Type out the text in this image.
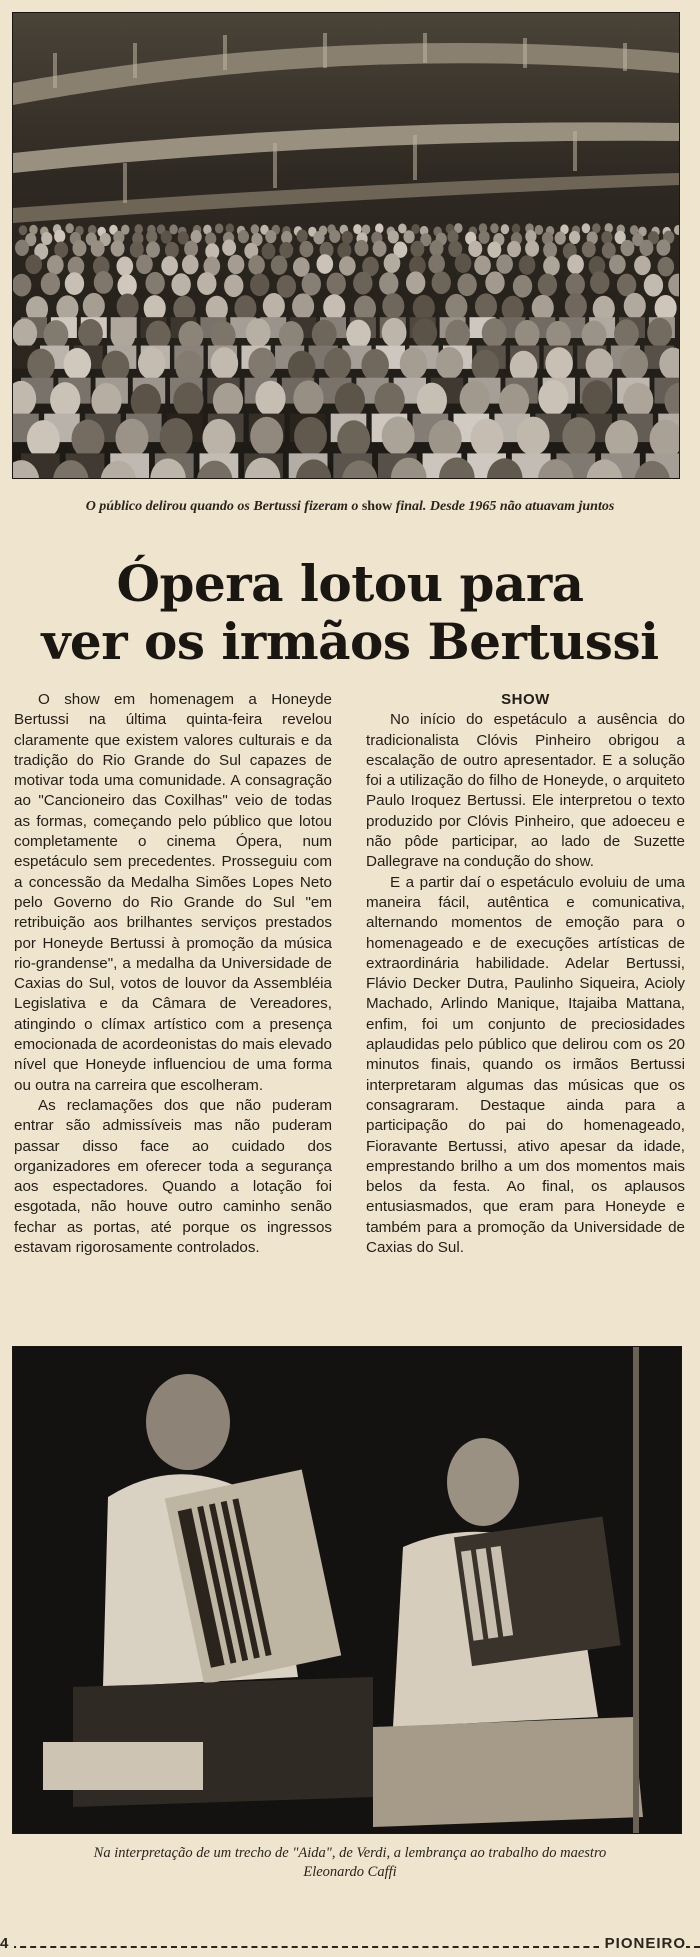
O público delirou quando os Bertussi fizeram o show final. Desde 1965 não atuavam juntos
Ópera lotou para
ver os irmãos Bertussi

O show em homenagem a Honeyde Bertussi na última quinta-feira revelou claramente que existem valores culturais e da tradição do Rio Grande do Sul capazes de motivar toda uma comunidade. A consagração ao "Cancioneiro das Coxilhas" veio de todas as formas, começando pelo público que lotou completamente o cinema Ópera, num espetáculo sem precedentes. Prosseguiu com a concessão da Medalha Simões Lopes Neto pelo Governo do Rio Grande do Sul "em retribuição aos brilhantes serviços prestados por Honeyde Bertussi à promoção da música rio-grandense", a medalha da Universidade de Caxias do Sul, votos de louvor da Assembléia Legislativa e da Câmara de Vereadores, atingindo o clímax artístico com a presença emocionada de acordeonistas do mais elevado nível que Honeyde influenciou de uma forma ou outra na carreira que escolheram.

As reclamações dos que não puderam entrar são admissíveis mas não puderam passar disso face ao cuidado dos organizadores em oferecer toda a segurança aos espectadores. Quando a lotação foi esgotada, não houve outro caminho senão fechar as portas, até porque os ingressos estavam rigorosamente controlados.

SHOW

No início do espetáculo a ausência do tradicionalista Clóvis Pinheiro obrigou a escalação de outro apresentador. E a solução foi a utilização do filho de Honeyde, o arquiteto Paulo Iroquez Bertussi. Ele interpretou o texto produzido por Clóvis Pinheiro, que adoeceu e não pôde participar, ao lado de Suzette Dallegrave na condução do show.

E a partir daí o espetáculo evoluiu de uma maneira fácil, autêntica e comunicativa, alternando momentos de emoção para o homenageado e de execuções artísticas de extraordinária habilidade. Adelar Bertussi, Flávio Decker Dutra, Paulinho Siqueira, Acioly Machado, Arlindo Manique, Itajaiba Mattana, enfim, foi um conjunto de preciosidades aplaudidas pelo público que delirou com os 20 minutos finais, quando os irmãos Bertussi interpretaram algumas das músicas que os consagraram. Destaque ainda para a participação do pai do homenageado, Fioravante Bertussi, ativo apesar da idade, emprestando brilho a um dos momentos mais belos da festa. Ao final, os aplausos entusiasmados, que eram para Honeyde e também para a promoção da Universidade de Caxias do Sul.

Na interpretação de um trecho de "Aida", de Verdi, a lembrança ao trabalho do maestro
Eleonardo Caffi
4	PIONEIRO
